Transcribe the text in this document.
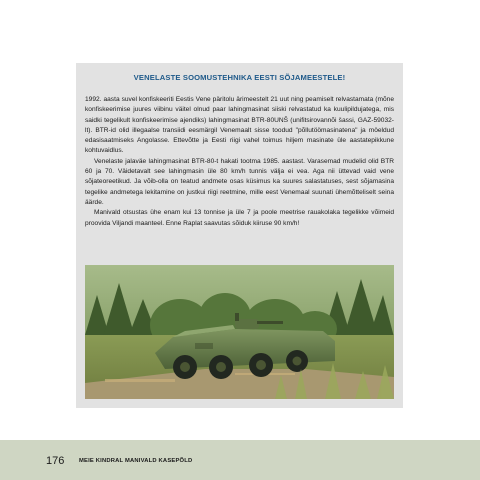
VENELASTE SOOMUSTEHNIKA EESTI SÕJAMEESTELE!

1992. aasta suvel konfiskeeriti Eestis Vene päritolu ärimeestelt 21 uut ning peamiselt relvastamata (mõne konfiskeerimise juures viibinu väitel olnud paar lahingmasinat siiski relvastatud ka kuulipildujatega, mis saidki tegelikult konfiskeerimise ajendiks) lahingmasinat BTR-80UNŠ (unifitsirovannõi šassi, GAZ-59032-lt). BTR-id olid illegaalse transiidi eesmärgil Venemaalt sisse toodud "põllutöömasinatena" ja möeldud edasisaatmiseks Angolasse. Ettevõtte ja Eesti riigi vahel toimus hiljem masinate üle aastatepikkune kohtuvaidlus.

Venelaste jalaväe lahingmasinat BTR-80-t hakati tootma 1985. aastast. Varasemad mudelid olid BTR 60 ja 70. Väidetavalt see lahingmasin üle 80 km/h tunnis välja ei vea. Aga nii üttevad vaid vene sõjateoreetikud. Ja võib-olla on teatud andmete osas küsimus ka suures salastatuses, sest sõjamasina tegelike andmetega lekitamine on justkui riigi reetmine, mille eest Venemaal suunati ühemõtteliselt seina äärde.

Manivald otsustas ühe enam kui 13 tonnise ja üle 7 ja poole meetrise rauakolaka tegelikke võimeid proovida Viljandi maanteel. Enne Raplat saavutas sõiduk kiiruse 90 km/h!

176	MEIE KINDRAL MANIVALD KASEPÕLD
